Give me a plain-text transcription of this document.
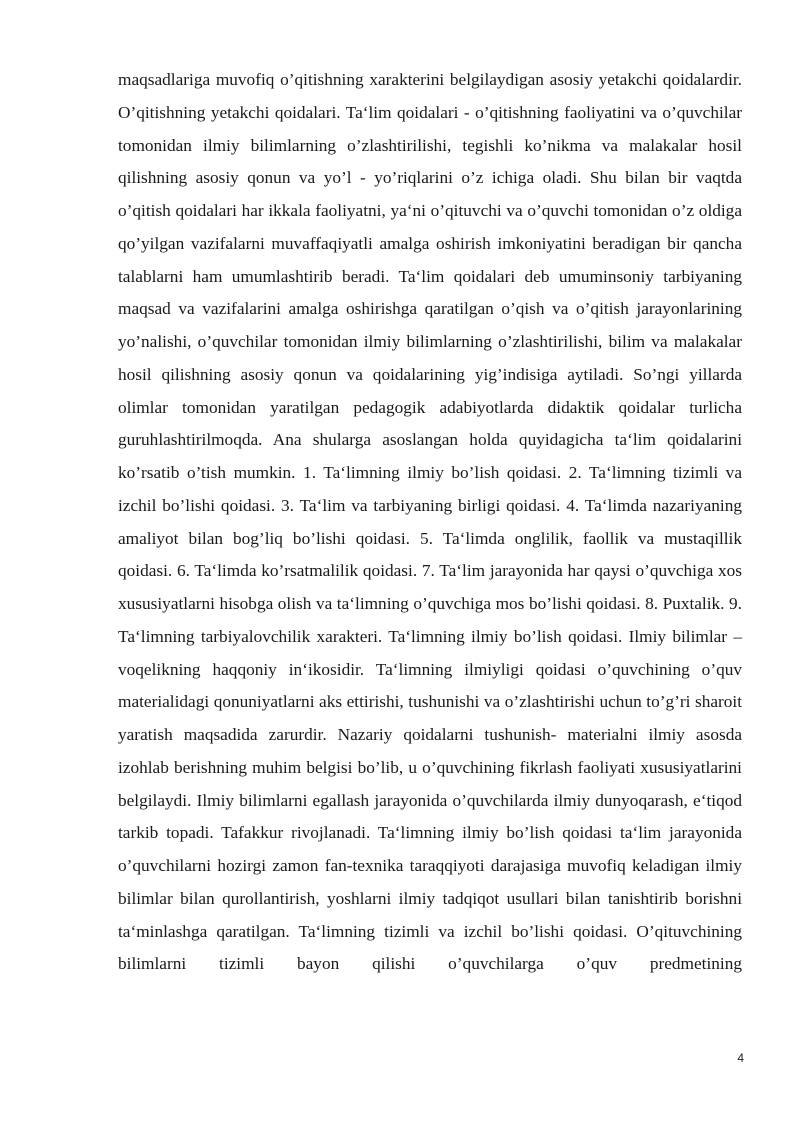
maqsadlariga muvofiq o’qitishning xarakterini belgilaydigan asosiy yetakchi qoidalardir. O’qitishning yetakchi qoidalari. Ta‘lim qoidalari - o’qitishning faoliyatini va o’quvchilar tomonidan ilmiy bilimlarning o’zlashtirilishi, tegishli ko’nikma va malakalar hosil qilishning asosiy qonun va yo’l - yo’riqlarini o’z ichiga oladi. Shu bilan bir vaqtda o’qitish qoidalari har ikkala faoliyatni, ya‘ni o’qituvchi va o’quvchi tomonidan o’z oldiga qo’yilgan vazifalarni muvaffaqiyatli amalga oshirish imkoniyatini beradigan bir qancha talablarni ham umumlashtirib beradi. Ta‘lim qoidalari deb umuminsoniy tarbiyaning maqsad va vazifalarini amalga oshirishga qaratilgan o’qish va o’qitish jarayonlarining yo’nalishi, o’quvchilar tomonidan ilmiy bilimlarning o’zlashtirilishi, bilim va malakalar hosil qilishning asosiy qonun va qoidalarining yig’indisiga aytiladi. So’ngi yillarda olimlar tomonidan yaratilgan pedagogik adabiyotlarda didaktik qoidalar turlicha guruhlashtirilmoqda. Ana shularga asoslangan holda quyidagicha ta‘lim qoidalarini ko’rsatib o’tish mumkin. 1. Ta‘limning ilmiy bo’lish qoidasi. 2. Ta‘limning tizimli va izchil bo’lishi qoidasi. 3. Ta‘lim va tarbiyaning birligi qoidasi. 4. Ta‘limda nazariyaning amaliyot bilan bog’liq bo’lishi qoidasi. 5. Ta‘limda onglilik, faollik va mustaqillik qoidasi. 6. Ta‘limda ko’rsatmalilik qoidasi. 7. Ta‘lim jarayonida har qaysi o’quvchiga xos xususiyatlarni hisobga olish va ta‘limning o’quvchiga mos bo’lishi qoidasi. 8. Puxtalik. 9. Ta‘limning tarbiyalovchilik xarakteri. Ta‘limning ilmiy bo’lish qoidasi. Ilmiy bilimlar – voqelikning haqqoniy in‘ikosidir. Ta‘limning ilmiyligi qoidasi o’quvchining o’quv materialidagi qonuniyatlarni aks ettirishi, tushunishi va o’zlashtirishi uchun to’g’ri sharoit yaratish maqsadida zarurdir. Nazariy qoidalarni tushunish- materialni ilmiy asosda izohlab berishning muhim belgisi bo’lib, u o’quvchining fikrlash faoliyati xususiyatlarini belgilaydi. Ilmiy bilimlarni egallash jarayonida o’quvchilarda ilmiy dunyoqarash, e‘tiqod tarkib topadi. Tafakkur rivojlanadi. Ta‘limning ilmiy bo’lish qoidasi ta‘lim jarayonida o’quvchilarni hozirgi zamon fan-texnika taraqqiyoti darajasiga muvofiq keladigan ilmiy bilimlar bilan qurollantirish, yoshlarni ilmiy tadqiqot usullari bilan tanishtirib borishni ta‘minlashga qaratilgan. Ta‘limning tizimli va izchil bo’lishi qoidasi. O’qituvchining bilimlarni tizimli bayon qilishi o’quvchilarga o’quv predmetining

4
